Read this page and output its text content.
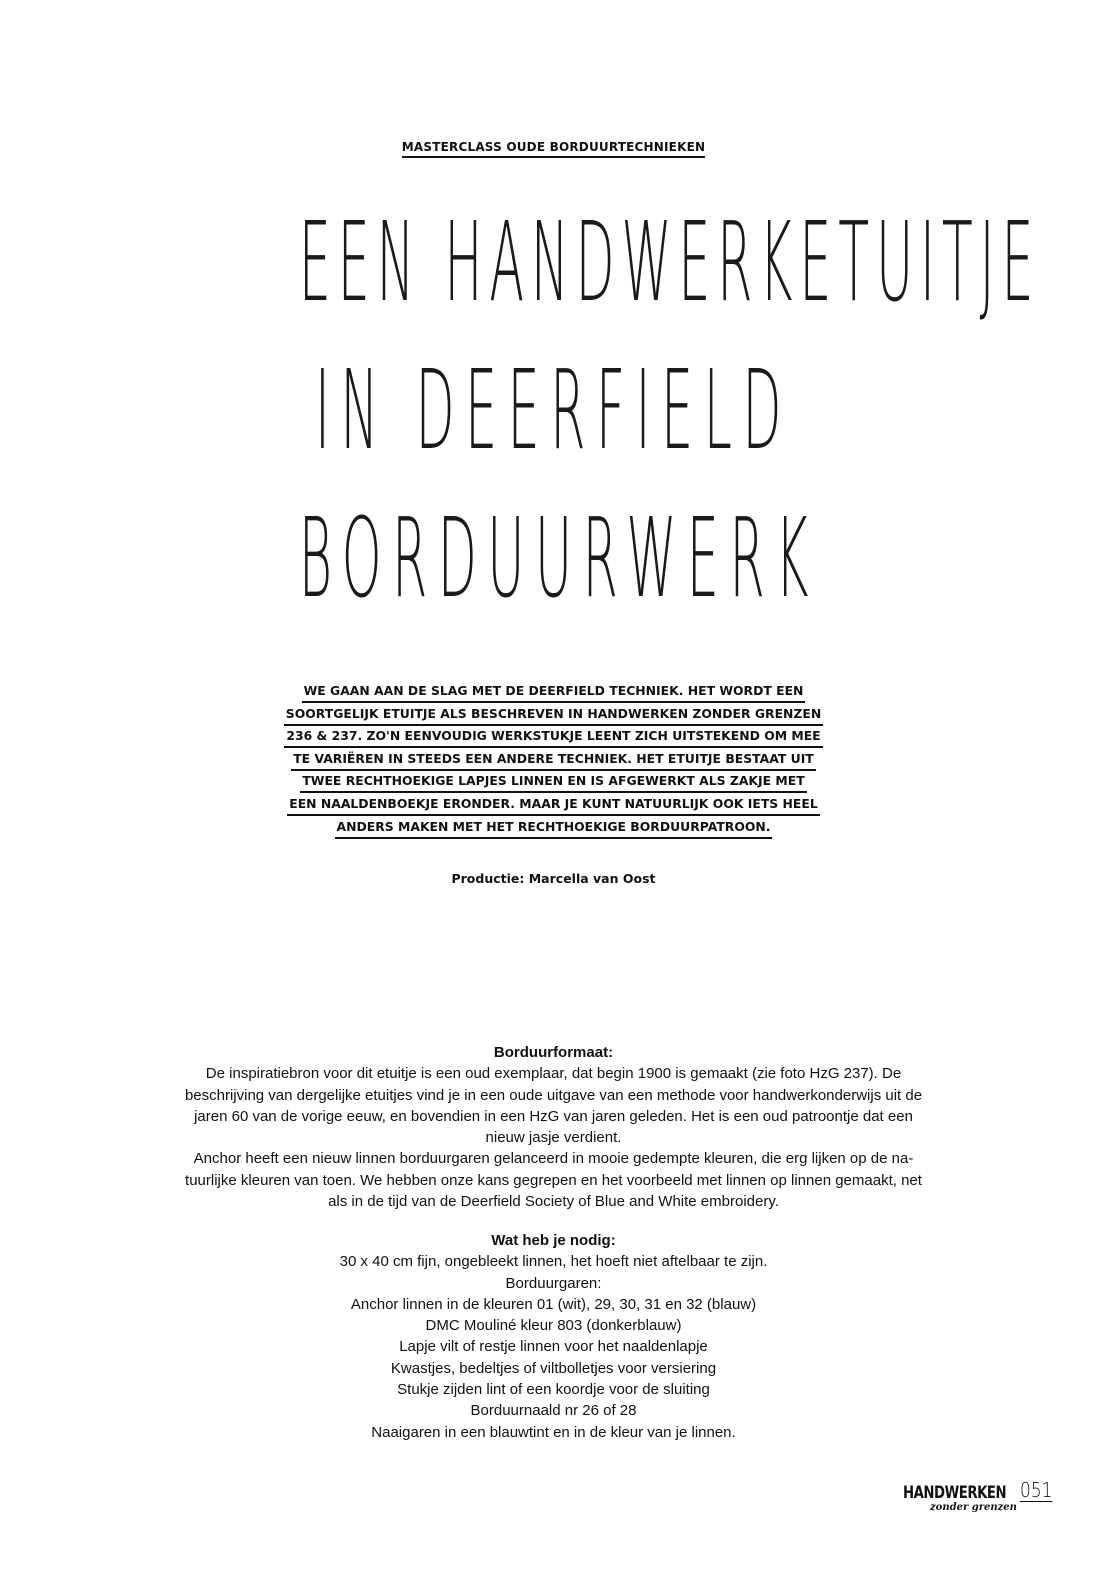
MASTERCLASS OUDE BORDUURTECHNIEKEN
EEN HANDWERKETUITJE
IN DEERFIELD
BORDUURWERK
WE GAAN AAN DE SLAG MET DE DEERFIELD TECHNIEK. HET WORDT EEN
SOORTGELIJK ETUITJE ALS BESCHREVEN IN HANDWERKEN ZONDER GRENZEN
236 & 237. ZO'N EENVOUDIG WERKSTUKJE LEENT ZICH UITSTEKEND OM MEE
TE VARIËREN IN STEEDS EEN ANDERE TECHNIEK. HET ETUITJE BESTAAT UIT
TWEE RECHTHOEKIGE LAPJES LINNEN EN IS AFGEWERKT ALS ZAKJE MET
EEN NAALDENBOEKJE ERONDER. MAAR JE KUNT NATUURLIJK OOK IETS HEEL
ANDERS MAKEN MET HET RECHTHOEKIGE BORDUURPATROON.
Productie: Marcella van Oost
Borduurformaat:
De inspiratiebron voor dit etuitje is een oud exemplaar, dat begin 1900 is gemaakt (zie foto HzG 237). De
beschrijving van dergelijke etuitjes vind je in een oude uitgave van een methode voor handwerkonderwijs uit de
jaren 60 van de vorige eeuw, en bovendien in een HzG van jaren geleden. Het is een oud patroontje dat een
nieuw jasje verdient.
Anchor heeft een nieuw linnen borduurgaren gelanceerd in mooie gedempte kleuren, die erg lijken op de na-
tuurlijke kleuren van toen. We hebben onze kans gegrepen en het voorbeeld met linnen op linnen gemaakt, net
als in de tijd van de Deerfield Society of Blue and White embroidery.
Wat heb je nodig:
30 x 40 cm fijn, ongebleekt linnen, het hoeft niet aftelbaar te zijn.
Borduurgaren:
Anchor linnen in de kleuren 01 (wit), 29, 30, 31 en 32 (blauw)
DMC Mouliné kleur 803 (donkerblauw)
Lapje vilt of restje linnen voor het naaldenlapje
Kwastjes, bedeltjes of viltbolletjes voor versiering
Stukje zijden lint of een koordje voor de sluiting
Borduurnaald nr 26 of 28
Naaigaren in een blauwtint en in de kleur van je linnen.
HANDWERKEN
zonder grenzen
051
